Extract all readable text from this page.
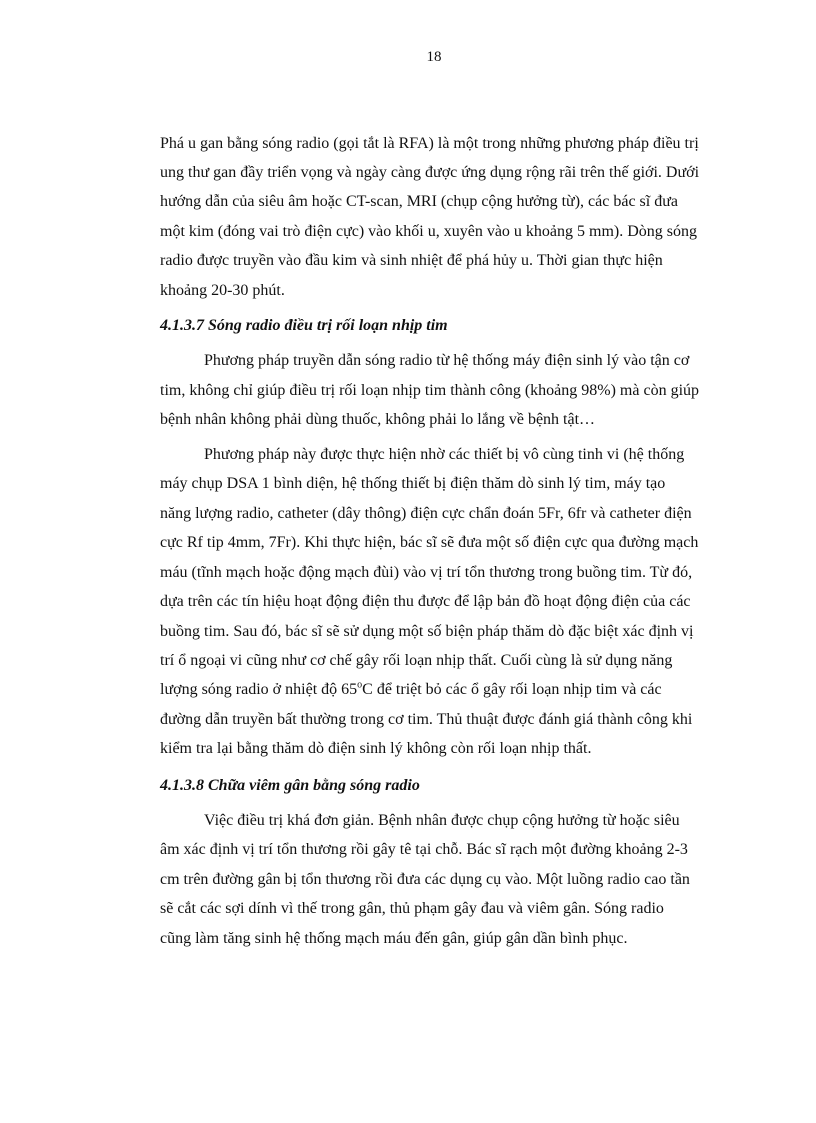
18
Phá u gan bằng sóng radio (gọi tắt là RFA) là một trong những phương pháp điều trị
ung thư gan đầy triển vọng và ngày càng được ứng dụng rộng rãi trên thế giới. Dưới
hướng dẫn của siêu âm hoặc CT-scan, MRI (chụp cộng hưởng từ), các bác sĩ đưa
một kim (đóng vai trò điện cực) vào khối u, xuyên vào u khoảng 5 mm). Dòng sóng
radio được truyền vào đầu kim và sinh nhiệt để phá hủy u. Thời gian thực hiện
khoảng 20-30 phút.
4.1.3.7 Sóng radio điều trị rối loạn nhịp tim
Phương pháp truyền dẫn sóng radio từ hệ thống máy điện sinh lý vào tận cơ
tim, không chỉ giúp điều trị rối loạn nhịp tim thành công (khoảng 98%) mà còn giúp
bệnh nhân không phải dùng thuốc, không phải lo lắng về bệnh tật…
Phương pháp này được thực hiện nhờ các thiết bị vô cùng tinh vi (hệ thống
máy chụp DSA 1 bình diện, hệ thống thiết bị điện thăm dò sinh lý tim, máy tạo
năng lượng radio, catheter (dây thông) điện cực chẩn đoán 5Fr, 6fr và catheter điện
cực Rf tip 4mm, 7Fr). Khi thực hiện, bác sĩ sẽ đưa một số điện cực qua đường mạch
máu (tĩnh mạch hoặc động mạch đùi) vào vị trí tổn thương trong buồng tim. Từ đó,
dựa trên các tín hiệu hoạt động điện thu được để lập bản đồ hoạt động điện của các
buồng tim. Sau đó, bác sĩ sẽ sử dụng một số biện pháp thăm dò đặc biệt xác định vị
trí ổ ngoại vi cũng như cơ chế gây rối loạn nhịp thất. Cuối cùng là sử dụng năng
lượng sóng radio ở nhiệt độ 65$^o$C để triệt bỏ các ổ gây rối loạn nhịp tim và các
đường dẫn truyền bất thường trong cơ tim. Thủ thuật được đánh giá thành công khi
kiểm tra lại bằng thăm dò điện sinh lý không còn rối loạn nhịp thất.
4.1.3.8 Chữa viêm gân bằng sóng radio
Việc điều trị khá đơn giản. Bệnh nhân được chụp cộng hưởng từ hoặc siêu
âm xác định vị trí tổn thương rồi gây tê tại chỗ. Bác sĩ rạch một đường khoảng 2-3
cm trên đường gân bị tổn thương rồi đưa các dụng cụ vào. Một luồng radio cao tần
sẽ cắt các sợi dính vì thế trong gân, thủ phạm gây đau và viêm gân. Sóng radio
cũng làm tăng sinh hệ thống mạch máu đến gân, giúp gân dần bình phục.
